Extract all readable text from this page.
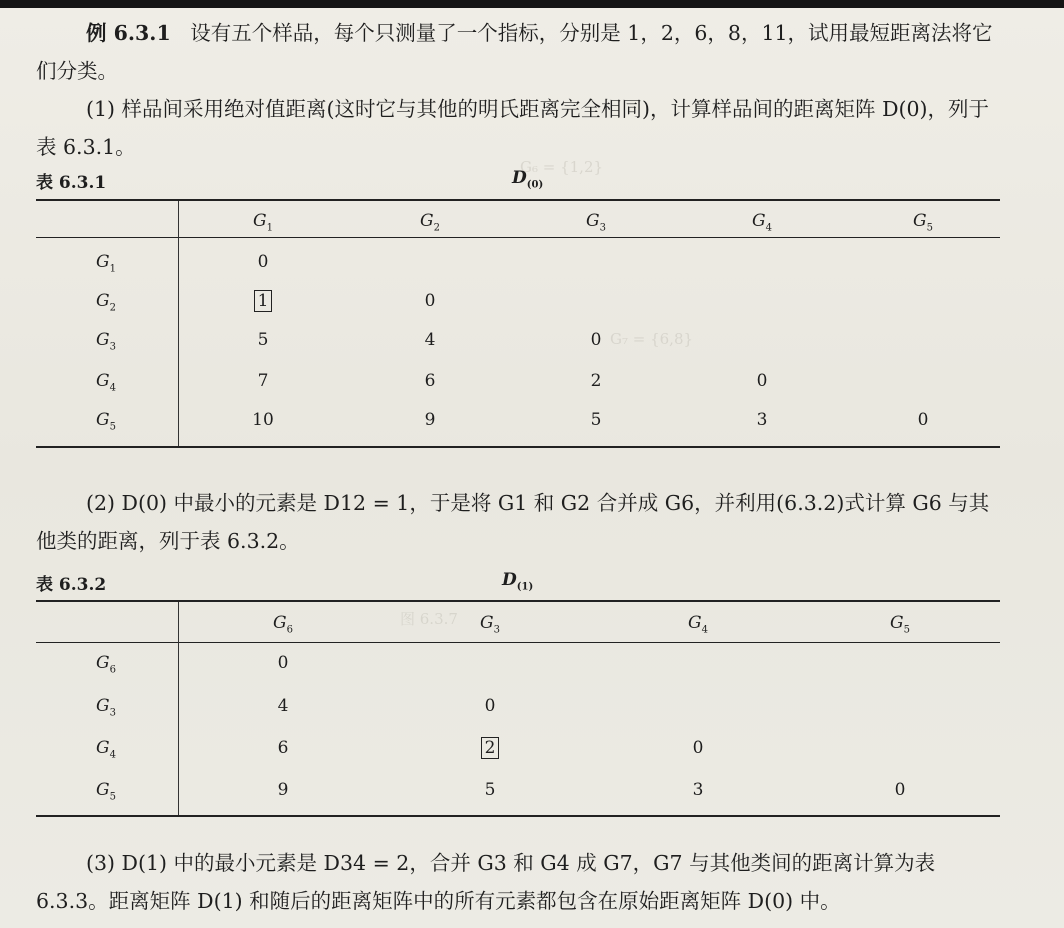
G₆ = {1,2}
G₇ = {6,8}
图 6.3.7

例 6.3.1 设有五个样品，每个只测量了一个指标，分别是 1，2，6，8，11，试用最短距离法将它们分类。

(1) 样品间采用绝对值距离(这时它与其他的明氏距离完全相同)，计算样品间的距离矩阵 D(0)，列于表 6.3.1。

表 6.3.1	$D_{(0)}$

(2) D(0) 中最小的元素是 D12 = 1，于是将 G1 和 G2 合并成 G6，并利用(6.3.2)式计算 G6 与其他类的距离，列于表 6.3.2。

表 6.3.2	$D_{(1)}$

(3) D(1) 中的最小元素是 D34 = 2，合并 G3 和 G4 成 G7，G7 与其他类间的距离计算为表 6.3.3。距离矩阵 D(1) 和随后的距离矩阵中的所有元素都包含在原始距离矩阵 D(0) 中。

$G_1$	$G_2$	$G_3$	$G_4$	$G_5$
$G_1$	0
$G_2$	1	0
$G_3$	5	4	0
$G_4$	7	6	2	0
$G_5$	10	9	5	3	0
$G_6$	$G_3$	$G_4$	$G_5$
$G_6$	0
$G_3$	4	0
$G_4$	6	2	0
$G_5$	9	5	3	0
